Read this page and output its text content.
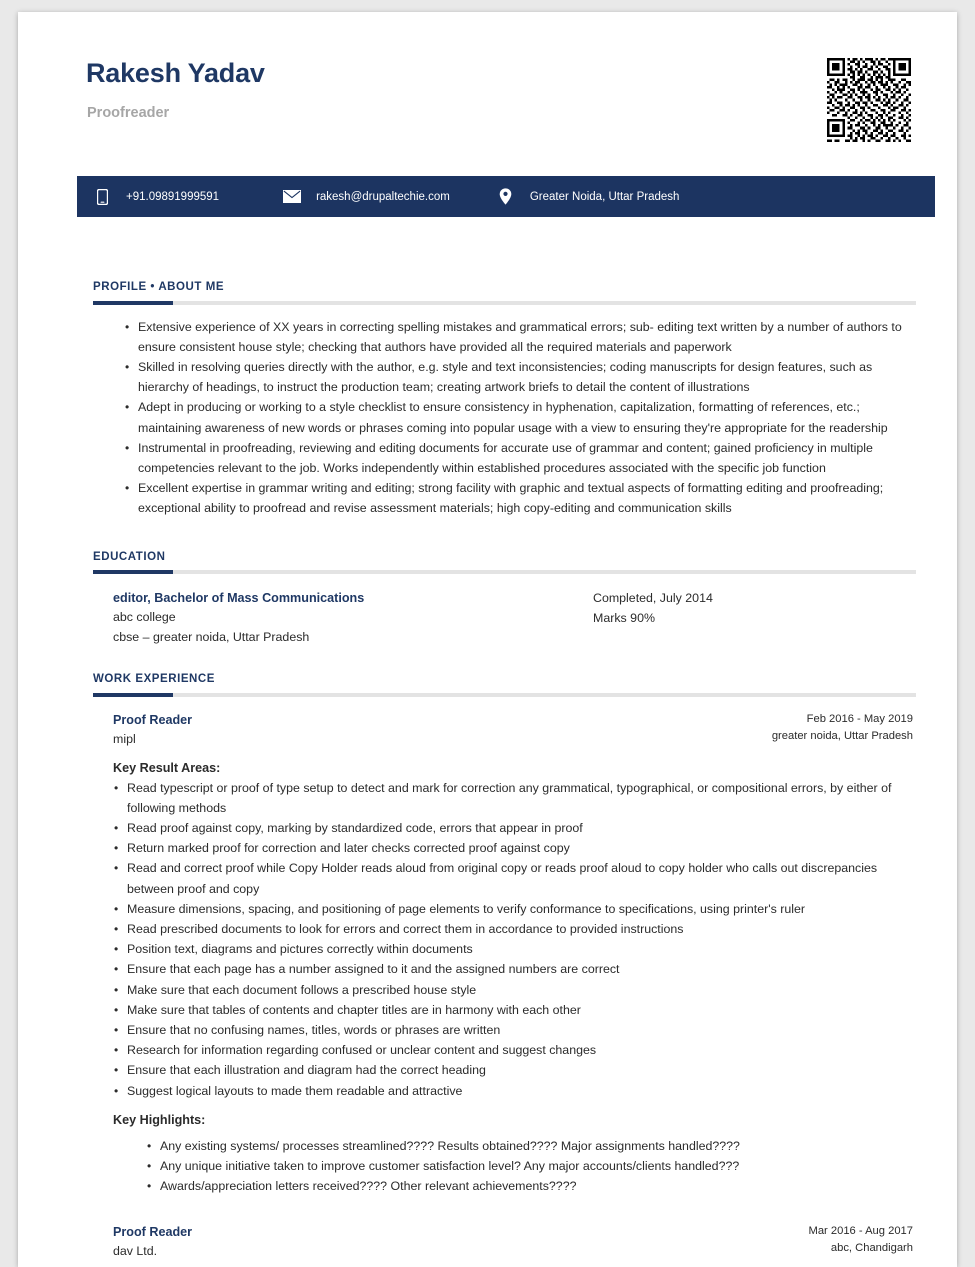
Rakesh Yadav
Proofreader
+91.09891999591	rakesh@drupaltechie.com	Greater Noida, Uttar Pradesh
PROFILE • ABOUT ME
• Extensive experience of XX years in correcting spelling mistakes and grammatical errors; sub- editing text written by a number of authors to ensure consistent house style; checking that authors have provided all the required materials and paperwork
• Skilled in resolving queries directly with the author, e.g. style and text inconsistencies; coding manuscripts for design features, such as hierarchy of headings, to instruct the production team; creating artwork briefs to detail the content of illustrations
• Adept in producing or working to a style checklist to ensure consistency in hyphenation, capitalization, formatting of references, etc.; maintaining awareness of new words or phrases coming into popular usage with a view to ensuring they're appropriate for the readership
• Instrumental in proofreading, reviewing and editing documents for accurate use of grammar and content; gained proficiency in multiple competencies relevant to the job. Works independently within established procedures associated with the specific job function
• Excellent expertise in grammar writing and editing; strong facility with graphic and textual aspects of formatting editing and proofreading; exceptional ability to proofread and revise assessment materials; high copy-editing and communication skills
EDUCATION
editor, Bachelor of Mass Communications
abc college
cbse – greater noida, Uttar Pradesh
Completed, July 2014
Marks 90%
WORK EXPERIENCE
Proof Reader
mipl
Feb 2016 - May 2019
greater noida, Uttar Pradesh
Key Result Areas:
• Read typescript or proof of type setup to detect and mark for correction any grammatical, typographical, or compositional errors, by either of following methods
• Read proof against copy, marking by standardized code, errors that appear in proof
• Return marked proof for correction and later checks corrected proof against copy
• Read and correct proof while Copy Holder reads aloud from original copy or reads proof aloud to copy holder who calls out discrepancies between proof and copy
• Measure dimensions, spacing, and positioning of page elements to verify conformance to specifications, using printer's ruler
• Read prescribed documents to look for errors and correct them in accordance to provided instructions
• Position text, diagrams and pictures correctly within documents
• Ensure that each page has a number assigned to it and the assigned numbers are correct
• Make sure that each document follows a prescribed house style
• Make sure that tables of contents and chapter titles are in harmony with each other
• Ensure that no confusing names, titles, words or phrases are written
• Research for information regarding confused or unclear content and suggest changes
• Ensure that each illustration and diagram had the correct heading
• Suggest logical layouts to made them readable and attractive
Key Highlights:
• Any existing systems/ processes streamlined???? Results obtained???? Major assignments handled????
• Any unique initiative taken to improve customer satisfaction level? Any major accounts/clients handled???
• Awards/appreciation letters received???? Other relevant achievements????
Proof Reader
dav Ltd.
Mar 2016 - Aug 2017
abc, Chandigarh
